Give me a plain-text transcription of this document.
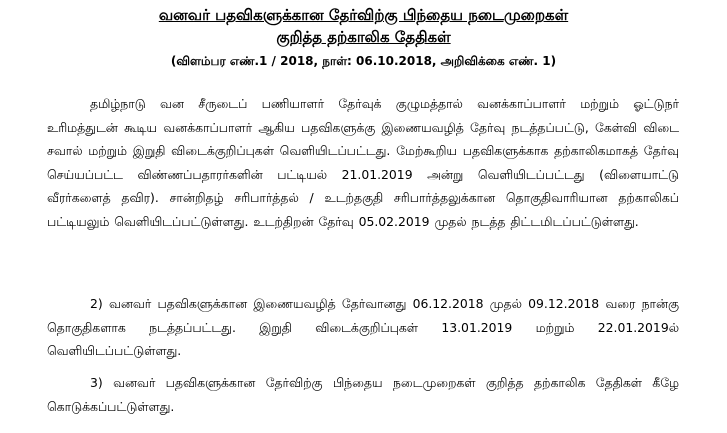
வனவர் பதவிகளுக்கான தேர்விற்கு பிந்தைய நடைமுறைகள்
குறித்த தற்காலிக தேதிகள்
(விளம்பர எண்.1 / 2018, நாள்: 06.10.2018, அறிவிக்கை எண். 1)
தமிழ்நாடு வன சீருடைப் பணியாளர் தேர்வுக் குழுமத்தால் வனக்காப்பாளர் மற்றும் ஓட்டுநர் உரிமத்துடன் கூடிய வனக்காப்பாளர் ஆகிய பதவிகளுக்கு இணையவழித் தேர்வு நடத்தப்பட்டு, கேள்வி விடை சவால் மற்றும் இறுதி விடைக்குறிப்புகள் வெளியிடப்பட்டது. மேற்கூறிய பதவிகளுக்காக தற்காலிகமாகத் தேர்வு செய்யப்பட்ட விண்ணப்பதாரர்களின் பட்டியல் 21.01.2019 அன்று வெளியிடப்பட்டது (விளையாட்டு வீரர்களைத் தவிர). சான்றிதழ் சரிபார்த்தல் / உடற்தகுதி சரிபார்த்தலுக்கான தொகுதிவாரியான தற்காலிகப் பட்டியலும் வெளியிடப்பட்டுள்ளது. உடற்திறன் தேர்வு 05.02.2019 முதல் நடத்த திட்டமிடப்பட்டுள்ளது.
2) வனவர் பதவிகளுக்கான இணையவழித் தேர்வானது 06.12.2018 முதல் 09.12.2018 வரை நான்கு தொகுதிகளாக நடத்தப்பட்டது. இறுதி விடைக்குறிப்புகள் 13.01.2019 மற்றும் 22.01.2019ல் வெளியிடப்பட்டுள்ளது.
3) வனவர் பதவிகளுக்கான தேர்விற்கு பிந்தைய நடைமுறைகள் குறித்த தற்காலிக தேதிகள் கீழே கொடுக்கப்பட்டுள்ளது.
